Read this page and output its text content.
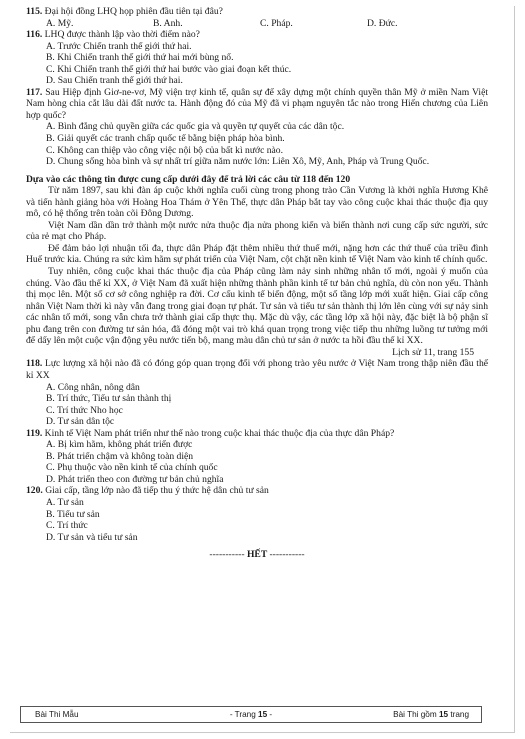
115. Đại hội đồng LHQ họp phiên đầu tiên tại đâu?

A. Mỹ.	B. Anh.	C. Pháp.	D. Đức.

116. LHQ được thành lập vào thời điểm nào?

A. Trước Chiến tranh thế giới thứ hai.

B. Khi Chiến tranh thế giới thứ hai mới bùng nổ.

C. Khi Chiến tranh thế giới thứ hai bước vào giai đoạn kết thúc.

D. Sau Chiến tranh thế giới thứ hai.

117. Sau Hiệp định Giơ-ne-vơ, Mỹ viện trợ kinh tế, quân sự để xây dựng một chính quyền thân Mỹ ở miền Nam Việt Nam hòng chia cắt lâu dài đất nước ta. Hành động đó của Mỹ đã vi phạm nguyên tắc nào trong Hiến chương của Liên hợp quốc?

A. Bình đẳng chủ quyền giữa các quốc gia và quyền tự quyết của các dân tộc.

B. Giải quyết các tranh chấp quốc tế bằng biện pháp hòa bình.

C. Không can thiệp vào công việc nội bộ của bất kì nước nào.

D. Chung sống hòa bình và sự nhất trí giữa năm nước lớn: Liên Xô, Mỹ, Anh, Pháp và Trung Quốc.

Dựa vào các thông tin được cung cấp dưới đây để trả lời các câu từ 118 đến 120

Từ năm 1897, sau khi đàn áp cuộc khởi nghĩa cuối cùng trong phong trào Cần Vương là khởi nghĩa Hương Khê và tiến hành giảng hòa với Hoàng Hoa Thám ở Yên Thế, thực dân Pháp bắt tay vào công cuộc khai thác thuộc địa quy mô, có hệ thống trên toàn cõi Đông Dương.

Việt Nam dần dần trở thành một nước nửa thuộc địa nửa phong kiến và biến thành nơi cung cấp sức người, sức của rẻ mạt cho Pháp.

Để đảm bảo lợi nhuận tối đa, thực dân Pháp đặt thêm nhiều thứ thuế mới, nặng hơn các thứ thuế của triều đình Huế trước kia. Chúng ra sức kìm hãm sự phát triển của Việt Nam, cột chặt nền kinh tế Việt Nam vào kinh tế chính quốc.

Tuy nhiên, công cuộc khai thác thuộc địa của Pháp cũng làm nảy sinh những nhân tố mới, ngoài ý muốn của chúng. Vào đầu thế kỉ XX, ở Việt Nam đã xuất hiện những thành phần kinh tế tư bản chủ nghĩa, dù còn non yếu. Thành thị mọc lên. Một số cơ sở công nghiệp ra đời. Cơ cấu kinh tế biến động, một số tầng lớp mới xuất hiện. Giai cấp công nhân Việt Nam thời kì này vẫn đang trong giai đoạn tự phát. Tư sản và tiểu tư sản thành thị lớn lên cùng với sự nảy sinh các nhân tố mới, song vẫn chưa trở thành giai cấp thực thụ. Mặc dù vậy, các tầng lớp xã hội này, đặc biệt là bộ phận sĩ phu đang trên con đường tư sản hóa, đã đóng một vai trò khá quan trọng trong việc tiếp thu những luồng tư tưởng mới để dấy lên một cuộc vận động yêu nước tiến bộ, mang màu dân chủ tư sản ở nước ta hồi đầu thế kỉ XX.

Lịch sử 11, trang 155

118. Lực lượng xã hội nào đã có đóng góp quan trọng đối với phong trào yêu nước ở Việt Nam trong thập niên đầu thế kỉ XX

A. Công nhân, nông dân

B. Trí thức, Tiểu tư sản thành thị

C. Trí thức Nho học

D. Tư sản dân tộc

119. Kinh tế Việt Nam phát triển như thế nào trong cuộc khai thác thuộc địa của thực dân Pháp?

A. Bị kìm hãm, không phát triển được

B. Phát triển chậm và không toàn diện

C. Phụ thuộc vào nền kinh tế của chính quốc

D. Phát triển theo con đường tư bản chủ nghĩa

120. Giai cấp, tầng lớp nào đã tiếp thu ý thức hệ dân chủ tư sản

A. Tư sản

B. Tiểu tư sản

C. Trí thức

D. Tư sản và tiểu tư sản

----------- HẾT -----------

Bài Thi Mẫu	- Trang 15 -	Bài Thi gồm 15 trang
